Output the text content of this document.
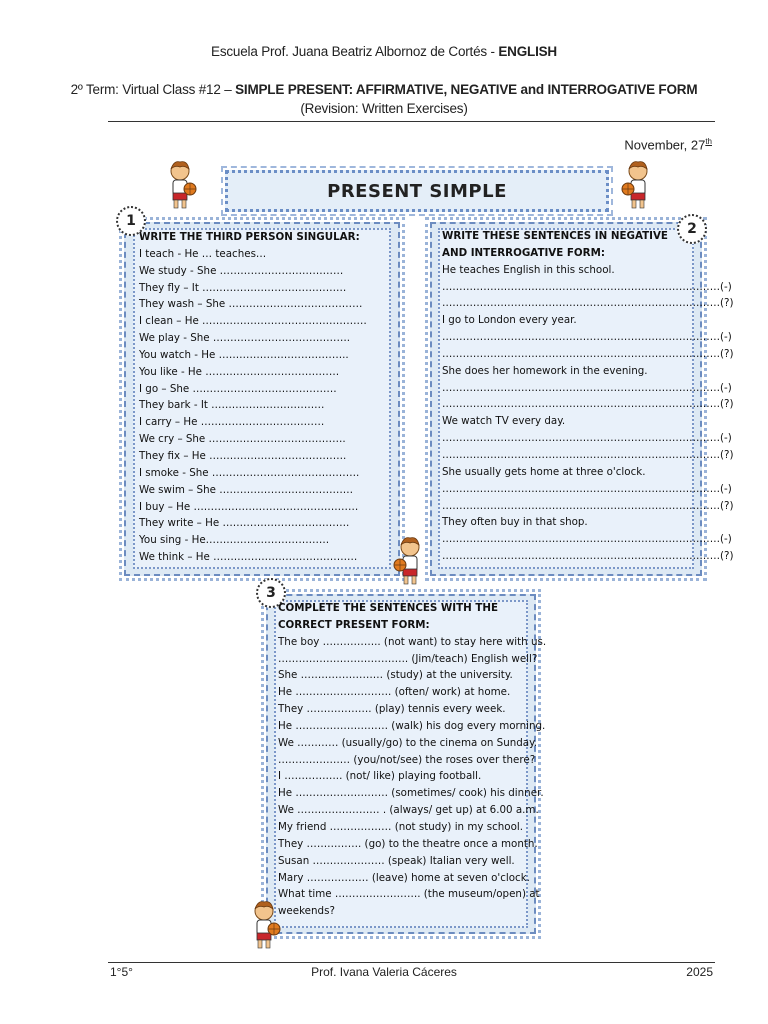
Escuela Prof. Juana Beatriz Albornoz de Cortés - ENGLISH
2º Term: Virtual Class #12 – SIMPLE PRESENT: AFFIRMATIVE, NEGATIVE and INTERROGATIVE FORM
(Revision: Written Exercises)
November, 27th
PRESENT SIMPLE
1
WRITE THE THIRD PERSON SINGULAR:
I teach - He … teaches…
We study - She ………………………………
They fly – It ……………………………………
They wash – She …………………………………
I clean – He …………………………………………
We play - She ………………………………….
You watch - He ………………………………..
You like - He …………………………………
I go – She ……………………………………
They bark - It ……………………………
I carry – He ………………………………
We cry – She ………………………………….
They fix – He ………………………………….
I smoke - She …………………………………….
We swim – She …………………………………
I buy – He …………………………………………
They write – He ……………………………….
You sing - He………………………………
We think – He ……………………………………
2
WRITE THESE SENTENCES IN NEGATIVE
AND INTERROGATIVE FORM:
He teaches English in this school.
………………………………………………………………………(-)
………………………………………………………………………(?)
I go to London every year.
………………………………………………………………………(-)
………………………………………………………………………(?)
She does her homework in the evening.
………………………………………………………………………(-)
………………………………………………………………………(?)
We watch TV every day.
………………………………………………………………………(-)
………………………………………………………………………(?)
She usually gets home at three o'clock.
………………………………………………………………………(-)
………………………………………………………………………(?)
They often buy in that shop.
………………………………………………………………………(-)
………………………………………………………………………(?)
3
COMPLETE THE SENTENCES WITH THE
CORRECT PRESENT FORM:
The boy …………….. (not want) to stay here with us.
……………………………….. (Jim/teach) English well?
She …………………… (study) at the university.
He ………………………. (often/ work) at home.
They ………………. (play) tennis every week.
He ……………………… (walk) his dog every morning.
We ………… (usually/go) to the cinema on Sunday.
………………… (you/not/see) the roses over there?
I …………….. (not/ like) playing football.
He ……………………… (sometimes/ cook) his dinner.
We …………………… . (always/ get up) at 6.00 a.m.
My friend ……………… (not study) in my school.
They ……………. (go) to the theatre once a month.
Susan ………………… (speak) Italian very well.
Mary ……………… (leave) home at seven o'clock.
What time ……………………. (the museum/open) at
weekends?
1°5°	Prof. Ivana Valeria Cáceres	2025
